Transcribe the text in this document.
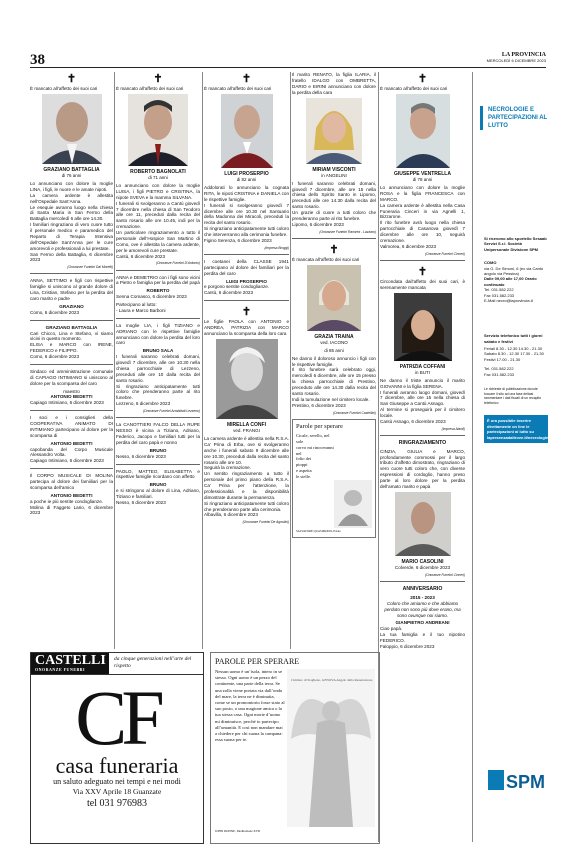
38	LA PROVINCIA
MERCOLEDÌ 6 DICEMBRE 2023
✝
È mancato all’affetto dei suoi cari
GRAZIANO BATTAGLIA
di 76 anni
Lo annunciano con dolore la moglie LINA, i figli, le nuore e le amate nipoti.
La camera ardente è allestita nell’Ospedale Sant’Anna.
Le esequie avranno luogo nella chiesa di Santa Maria in San Fermo della Battaglia mercoledì 6 alle ore 14.30.
I familiari ringraziano di vero cuore tutto il personale medico e paramedico del Reparto di Terapia Intensiva dell’Ospedale Sant’Anna per le cure amorevoli e professionali a lui prestate.
San Fermo della Battaglia, 6 dicembre 2023
(Onoranze Funebri Dal Moretti)
ANNA, SETTIMO e figli con rispettive famiglie si uniscono al grande dolore di Lina, Cristian, Stefano per la perdita del caro marito e padre
GRAZIANO
Como, 6 dicembre 2023
GRAZIANO BATTAGLIA
Cari Chicco, Lina e Stefano, vi siamo vicini in questo momento.
ELISA e MARCO con IRENE, FEDERICO e FILIPPO.
Como, 6 dicembre 2023
Sindaco ed amministrazione comunale di CAPIAGO INTIMIANO si uniscono al dolore per la scomparsa del caro
maestro
ANTONIO BEDETTI
Capiago Intimiano, 6 dicembre 2023
I soci e i consiglieri della COOPERATIVA ANIMATO DI INTIMIANO partecipano al dolore per la scomparsa di
ANTONIO BEDETTI
capobanda del Corpo Musicale Alessandro Volta.
Capiago Intimiano, 6 dicembre 2023
Il CORPO MUSICALE DI MOLINA partecipa al dolore dei famiiliari per la scomparsa dell’amico
ANTONIO BEDETTI
a poche ie più sentite condoglianze.
Molina di Faggeto Lario, 6 dicembre 2023
✝
È mancato all’affetto dei suoi cari
ROBERTO BAGNOLATI
di 71 anni
Lo annunciano con dolore la moglie LUISA, i figli PIETRO e CRISTINA, la nipote SVEVA e la mamma SILVANA.
I funerali si svolgeranno a Cantù giovedì 7 dicembre nella chiesa di San Teodoro alle ore 11, preceduti dalla recita del santo rosario alle ore 10.45, indi per la cremazione.
Un particolare ringraziamento a tutto il personale dell’Hospice San Martino di Como, ove è allestita la camera ardente, per le amorevoli cure prestate.
Cantù, 6 dicembre 2023
(Onoranze Funebri D’Antonio)
ANNA e DEMETRIO con i figli sono vicini a Pietro e famiglia per la perdita del papà
ROBERTO
Senna Comasco, 6 dicembre 2023
Partecipano al lutto:
- Laura e Marco Barboni
La moglie LIA, i figli TIZIANO e ADRIANO con le rispettive famiglie annunciano con dolore la perdita del loro caro
BRUNO SALA
I funerali saranno celebrati domani, giovedì 7 dicembre, alle ore 10.30 nella chiesa parrocchiale di Lezzeno, preceduti alle ore 10 dalla recita del santo rosario.
Si ringraziano anticipatamente tutti coloro che prenderanno parte al rito funebre.
Lezzeno, 6 dicembre 2023
(Onoranze Funebri Arrabbiati Lezzeno)
La CANOTTIERI FALCO DELLA RUPE NESSO è vicina a Tiziano, Adriano, Federico, Jacopo e famiiliari tutti per la perdita del caro papà e nonno
BRUNO
Nesso, 6 dicembre 2023
PAOLO, MATTEO, ELISABETTA e rispettive famiglie ricordano con affetto
BRUNO
e si stringono al dolore di Lina, Adriano, Tiziano e familiari.
Nesso, 6 dicembre 2023
✝
È mancato all’affetto dei suoi cari
LUIGI PROSERPIO
di 82 anni
Addolorati lo annunciano la cognata RITA, le nipoti CRISTINA e DANIELA con le rispettive famiglie.
I funerali si svolgeranno giovedì 7 dicembre alle ore 10.30 nel Santuario della Madonna dei Miracoli, preceduti la recita del santo rosario.
Si ringraziano anticipatamente tutti coloro che interverranno alla cerimonia funebre.
Figino Serenza, 6 dicembre 2023
(Impresa Broggi)
I coetanei della CLASSE 1941 partecipano al dolore dei familiari per la perdita del caro
LUIGI PROSERPIO
e porgono sentite condoglianze.
Cantù, 6 dicembre 2023
✝
Le figlie PAOLA con ANTONIO e ANDREA, PATRIZIA con MARCO annunciano la scomparsa della loro cara
MIRELLA CONFI
ved. FRANGI
La camera ardente è allestita nella R.S.A. Ca’ Prina di Erba, ove si svolgeranno anche i funerali sabato 9 dicembre alle ore 10.30, preceduti dalla recita del santo rosario alle ore 10.
Seguirà la cremazione.
Un sentito ringraziamento a tutto il personale del primo piano della R.S.A. Ca’ Prina per l’attenzione, la professionalità e la disponibilità dimostrate durante la permanenza.
Si ringraziano anticipatamente tutti coloro che prenderanno parte alla cerimonia.
Albavilla, 6 dicembre 2023
(Onoranze Funebri De Agostini)
Il marito RENATO, la figlia ILARIA, il fratello IDALGO con OMBRETTA, DARIO e EIRINI annunciano con dolore la perdita della cara
MIRIAM VISCONTI
in ANGELINI
I funerali saranno celebrati domani, giovedì 7 dicembre, alle ore 15 nella chiesa dello Spirito Santo in Lipomo, preceduti alle ore 14.30 dalla recita del santo rosario.
Un grazie di cuore a tutti coloro che prenderanno parte al rito funebre.
Lipomo, 6 dicembre 2023
(Onoranze Funebri Ramirez - Lazzaro)
✝
È mancata all’affetto dei suoi cari
GRAZIA TRAINA
ved. IACONO
di 85 anni
Ne danno il doloroso annuncio i figli con le rispettive famiglie.
Il rito funebre sarà celebrato oggi, mercoledì 6 dicembre, alle ore 15 presso la chiesa parrocchiale di Prestino, preceduto alle ore 14.30 dalla recita del santo rosario.
Indi la tumulazione nel cimitero locale.
Prestino, 6 dicembre 2023
(Onoranze Funebri Castellini)
Parole per sperare
Cicale, serello, nel sole
corvo mi rinoceranni
nel
folto dei
pioppi
e aspetta
le stelle.
SALVATORE QUASIMODO, Estate
✝
È mancato all’affetto dei suoi cari
GIUSEPPE VENTRELLA
di 78 anni
Lo annunciano con dolore la moglie ROSA e la figlia FRANCESCA con MARCO.
La camera ardente è allestita nella Casa Funeraria Cinceri in via Agnelli 1, Bizzarone.
Il rito funebre avrà luogo nella chiesa parrocchiale di Casanova giovedì 7 dicembre alle ore 10, seguirà cremazione.
Valmorea, 6 dicembre 2023
(Onoranze Funebri Cinceri)
✝
Circondata dall’affetto dei suoi cari, è serenamente mancata
PATRIZIA COFFANI
in BUTI
Ne danno il triste annuncio il marito GIOVANNI e la figlia SERENA.
I funerali avranno luogo domani, giovedì 7 dicembre, alle ore 15 nella chiesa di San Giuseppe a Cantù Asnago.
Al termine si proseguirà per il cimitero locale.
Cantù Asnago, 6 dicembre 2023
(Impresa Aiardi)
RINGRAZIAMENTO
CINZIA, GIULIA e MARCO, profondamente commossi per il largo tributo d’affetto dimostrato, ringraziano di vero cuore tutti coloro che, con diverse espressioni di cordoglio, hanno preso parte al loro dolore per la perdita dell’amato marito e papà
MARIO CASOLINI
Colverde, 6 dicembre 2023
(Onoranze Funebri Cinceri)
ANNIVERSARIO
2015 - 2023
Coloro che amiamo e che abbiamo perduto non sono più dove erano, ma sono ovunque noi siamo.
GIANPIETRO ANDREANI
Ciao papà.
La tua famiglia e il tuo nipotino FEDERICO.
Faloppio, 6 dicembre 2023
NECROLOGIE E PARTECIPAZIONI AL LUTTO
Si ricevono allo sportello Sesaab Servizi S.r.l. Società Unipersonale Divisione SPM
COMO
via G. De Simoni, 6 (ex via Cantù angolo via Pessina)
Dalle 09,00 alle 17,00 Orario continuato
Tel. 031.582.222
Fax 031.582.233
E-Mail necro@laprovincia.it
Servizio telefonico tutti i giorni sabato e festivi
Feriali 8.30 - 12.30 14.30 - 21.30
Sabato 8.30 - 12.30 17.30 - 21.30
Festivi 17.00 - 21.30
Tel. 031.582.222
Fax 031.582.233
Le richieste di pubblicazione dovute toccare il sito ad una fase deltasi rammentare i dati fiscali di un recapito telefonico
È ora possibile inserire direttamente on line le partecipazioni al lutto su lapresenzadaltrove.it/necrologie
SPM
CASTELLI
ONORANZE FUNEBRI
da cinque generazioni nell’arte del rispetto
CF
casa funeraria
un saluto adeguato nei tempi e nei modi
Via XXV Aprile 18 Guanzate
tel 031 976983
PAROLE PER SPERARE
Nessun uomo è un’isola, intero in se stesso. Ogni uomo è un pezzo del continente, una parte della terra. Se una zolla viene portata via dall’onda del mare, la terra ne è diminuita, come se un promontorio fosse stato al suo posto, o una magione amica o la tua stessa casa. Ogni morte d’uomo mi diminuisce, perché io partecipo all’umanità. E così non mandare mai a chiedere per chi suona la campana: essa suona per te.
Cimitero di Staglieno, GENOVA Angelo della Resurrezione
JOHN DONNE, Meditazione XVII
